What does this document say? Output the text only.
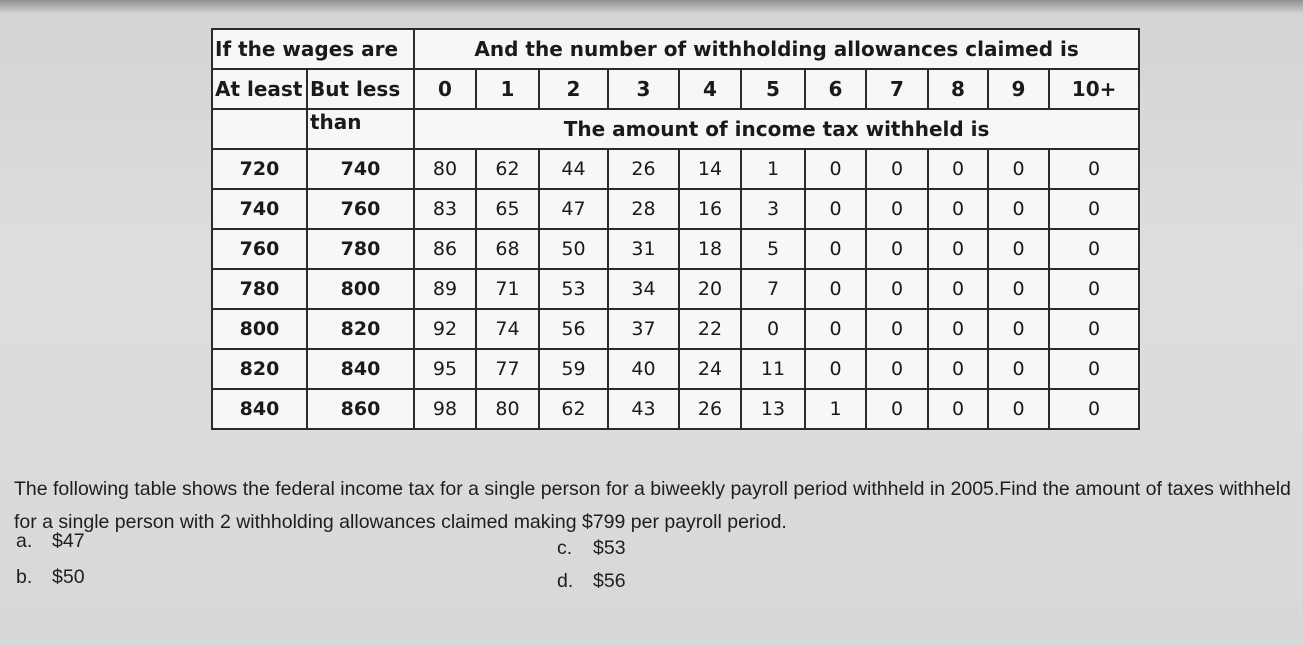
If the wages are		And the number of withholding allowances claimed is										
At least	But less	0	1	2	3	4	5	6	7	8	9	10+
	than	The amount of income tax withheld is										
720	740	80	62	44	26	14	1	0	0	0	0	0
740	760	83	65	47	28	16	3	0	0	0	0	0
760	780	86	68	50	31	18	5	0	0	0	0	0
780	800	89	71	53	34	20	7	0	0	0	0	0
800	820	92	74	56	37	22	0	0	0	0	0	0
820	840	95	77	59	40	24	11	0	0	0	0	0
840	860	98	80	62	43	26	13	1	0	0	0	0
The following table shows the federal income tax for a single person for a biweekly payroll period withheld in 2005.Find the amount of taxes withheld for a single person with 2 withholding allowances claimed making $799 per payroll period.
a. $47
b. $50
c. $53
d. $56
